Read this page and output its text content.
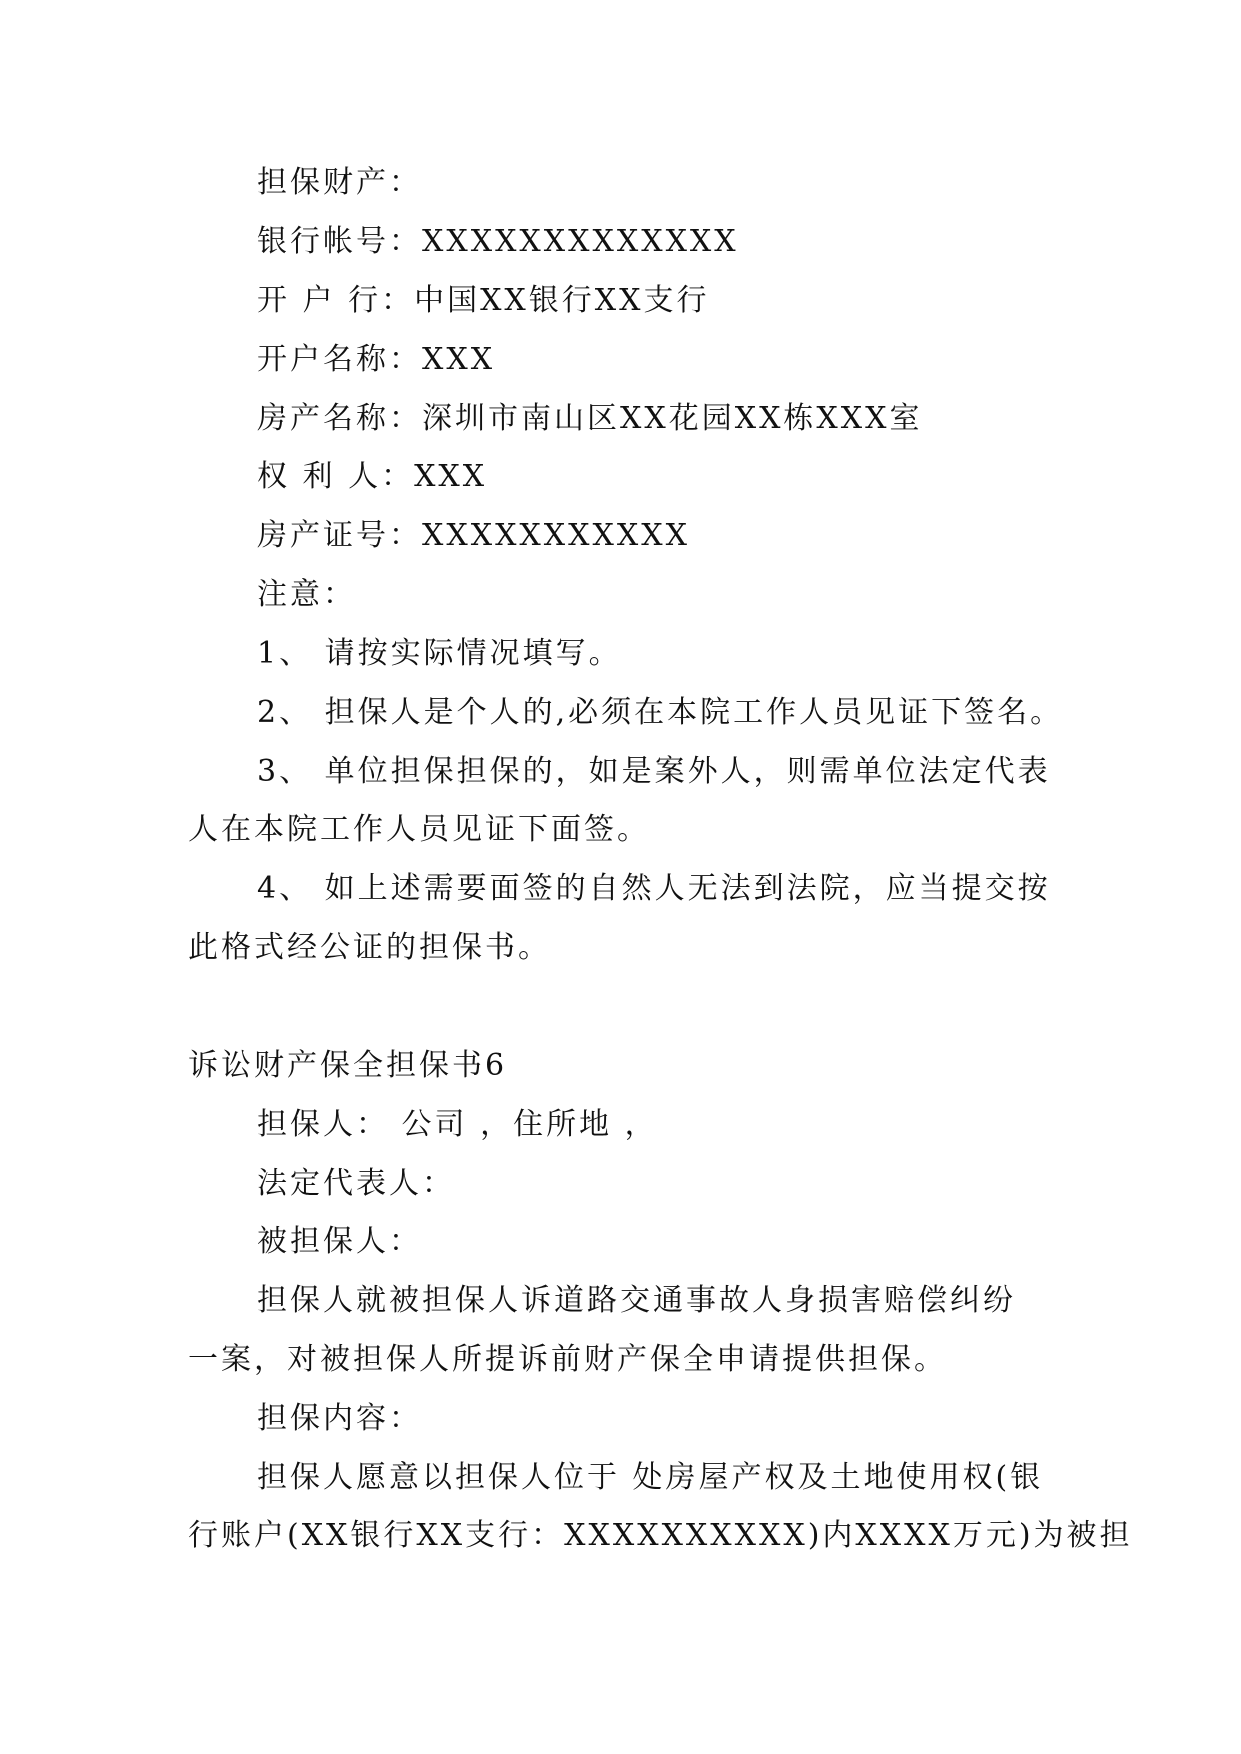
担保财产：
银行帐号：XXXXXXXXXXXXX
开 户 行：中国XX银行XX支行
开户名称：XXX
房产名称：深圳市南山区XX花园XX栋XXX室
权 利 人：XXX
房产证号：XXXXXXXXXXX
注意：
1、 请按实际情况填写。
2、 担保人是个人的,必须在本院工作人员见证下签名。
3、 单位担保担保的，如是案外人，则需单位法定代表
人在本院工作人员见证下面签。
4、 如上述需要面签的自然人无法到法院，应当提交按
此格式经公证的担保书。
诉讼财产保全担保书6
担保人： 公司 ，住所地 ，
法定代表人：
被担保人：
担保人就被担保人诉道路交通事故人身损害赔偿纠纷
一案，对被担保人所提诉前财产保全申请提供担保。
担保内容：
担保人愿意以担保人位于 处房屋产权及土地使用权(银
行账户(XX银行XX支行：XXXXXXXXXX)内XXXX万元)为被担
